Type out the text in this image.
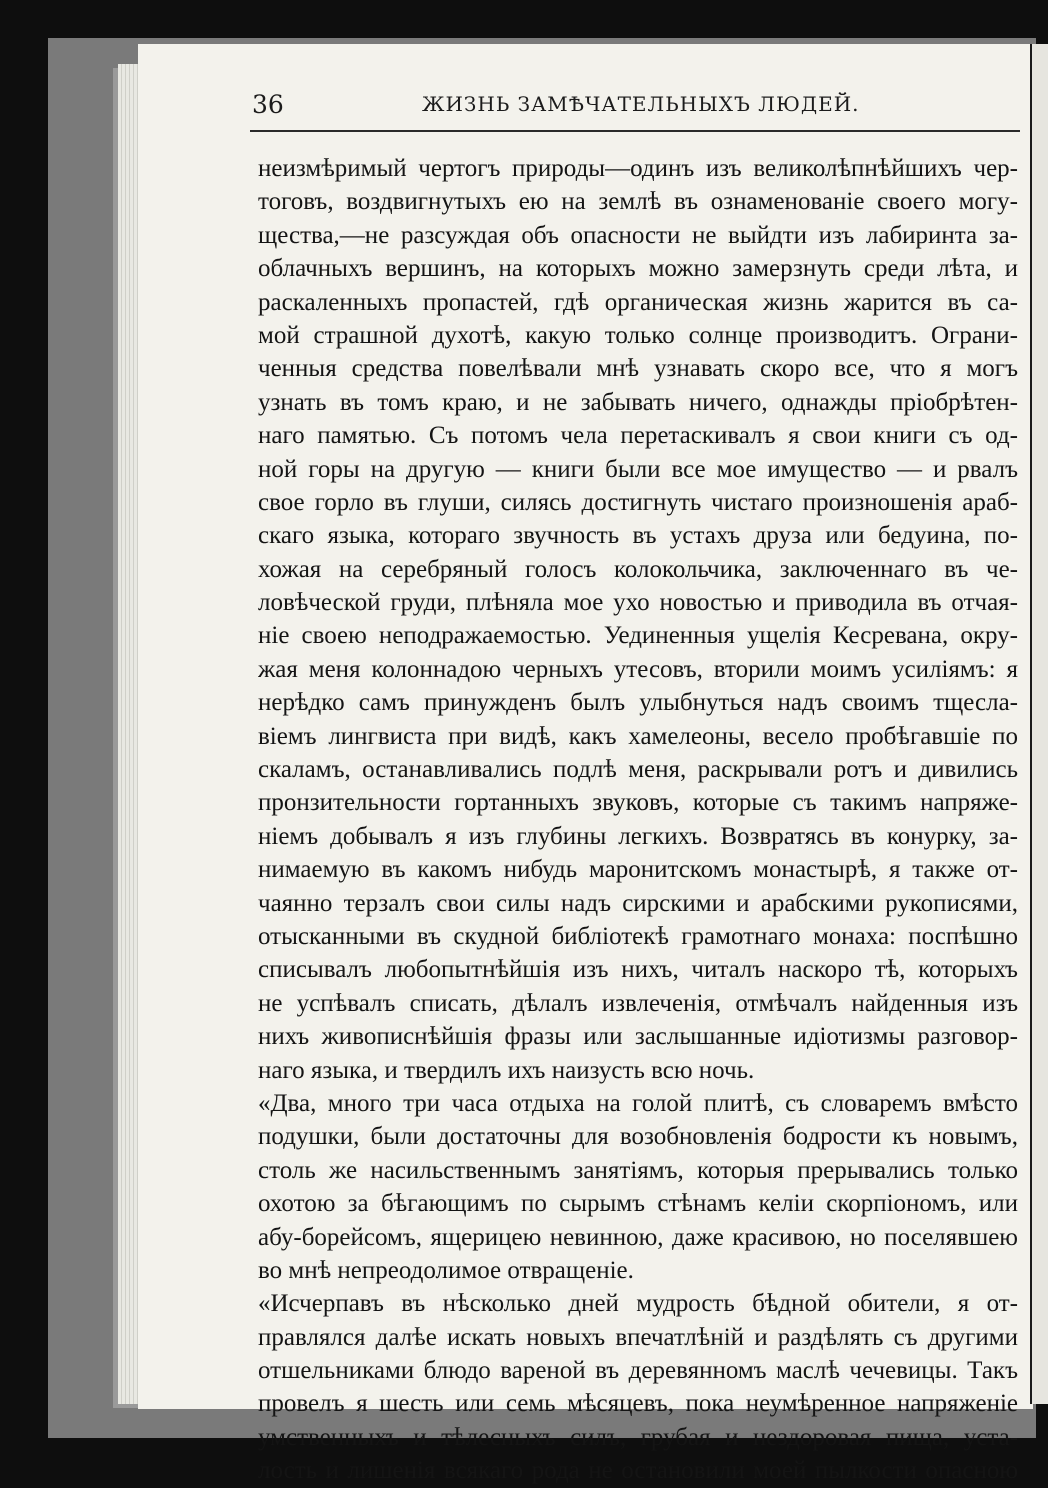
36	ЖИЗНЬ ЗАМѢЧАТЕЛЬНЫХЪ ЛЮДЕЙ.
неизмѣримый чертогъ природы—одинъ изъ великолѣпнѣйшихъ чер-
тоговъ, воздвигнутыхъ ею на землѣ въ ознаменованіе своего могу-
щества,—не разсуждая объ опасности не выйдти изъ лабиринта за-
облачныхъ вершинъ, на которыхъ можно замерзнуть среди лѣта, и
раскаленныхъ пропастей, гдѣ органическая жизнь жарится въ са-
мой страшной духотѣ, какую только солнце производитъ. Ограни-
ченныя средства повелѣвали мнѣ узнавать скоро все, что я могъ
узнать въ томъ краю, и не забывать ничего, однажды пріобрѣтен-
наго памятью. Съ потомъ чела перетаскивалъ я свои книги съ од-
ной горы на другую — книги были все мое имущество — и рвалъ
свое горло въ глуши, силясь достигнуть чистаго произношенія араб-
скаго языка, котораго звучность въ устахъ друза или бедуина, по-
хожая на серебряный голосъ колокольчика, заключеннаго въ че-
ловѣческой груди, плѣняла мое ухо новостью и приводила въ отчая-
ніе своею неподражаемостью. Уединенныя ущелія Кесревана, окру-
жая меня колоннадою черныхъ утесовъ, вторили моимъ усиліямъ: я
нерѣдко самъ принужденъ былъ улыбнуться надъ своимъ тщесла-
віемъ лингвиста при видѣ, какъ хамелеоны, весело пробѣгавшіе по
скаламъ, останавливались подлѣ меня, раскрывали ротъ и дивились
пронзительности гортанныхъ звуковъ, которые съ такимъ напряже-
ніемъ добывалъ я изъ глубины легкихъ. Возвратясь въ конурку, за-
нимаемую въ какомъ нибудь маронитскомъ монастырѣ, я также от-
чаянно терзалъ свои силы надъ сирскими и арабскими рукописями,
отысканными въ скудной библіотекѣ грамотнаго монаха: поспѣшно
списывалъ любопытнѣйшія изъ нихъ, читалъ наскоро тѣ, которыхъ
не успѣвалъ списать, дѣлалъ извлеченія, отмѣчалъ найденныя изъ
нихъ живописнѣйшія фразы или заслышанные идіотизмы разговор-
наго языка, и твердилъ ихъ наизусть всю ночь.
«Два, много три часа отдыха на голой плитѣ, съ словаремъ вмѣсто
подушки, были достаточны для возобновленія бодрости къ новымъ,
столь же насильственнымъ занятіямъ, которыя прерывались только
охотою за бѣгающимъ по сырымъ стѣнамъ келіи скорпіономъ, или
абу-борейсомъ, ящерицею невинною, даже красивою, но поселявшею
во мнѣ непреодолимое отвращеніе.
«Исчерпавъ въ нѣсколько дней мудрость бѣдной обители, я от-
правлялся далѣе искать новыхъ впечатлѣній и раздѣлять съ другими
отшельниками блюдо вареной въ деревянномъ маслѣ чечевицы. Такъ
провелъ я шесть или семь мѣсяцевъ, пока неумѣренное напряженіе
умственныхъ и тѣлесныхъ силъ, грубая и нездоровая пища, уста-
лость и лишенія всякаго рода не остановили моей пылкости опасною
